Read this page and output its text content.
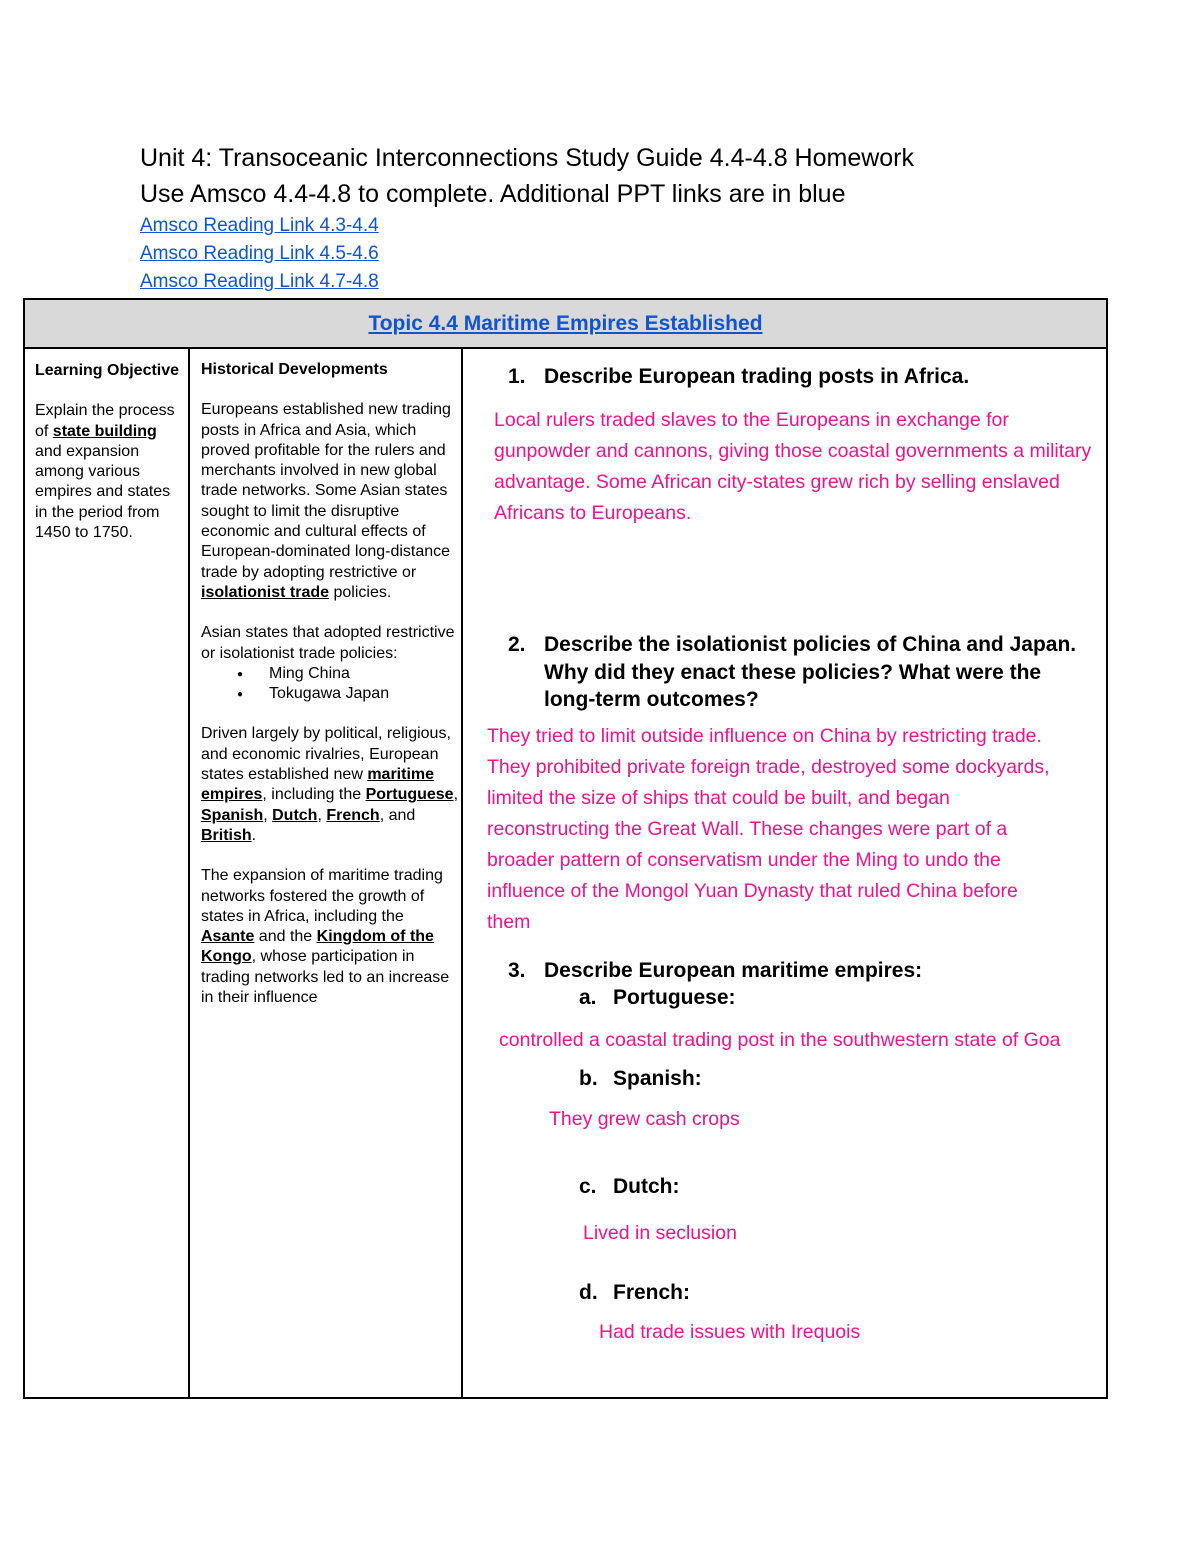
Unit 4: Transoceanic Interconnections Study Guide 4.4-4.8 Homework
Use Amsco 4.4-4.8 to complete. Additional PPT links are in blue
Amsco Reading Link 4.3-4.4
Amsco Reading Link 4.5-4.6
Amsco Reading Link 4.7-4.8
Topic 4.4 Maritime Empires Established
Learning Objective
Explain the process of state building and expansion among various empires and states in the period from 1450 to 1750.
Historical Developments
Europeans established new trading posts in Africa and Asia, which proved profitable for the rulers and merchants involved in new global trade networks. Some Asian states sought to limit the disruptive economic and cultural effects of European-dominated long-distance trade by adopting restrictive or isolationist trade policies.
Asian states that adopted restrictive or isolationist trade policies:
● Ming China
● Tokugawa Japan
Driven largely by political, religious, and economic rivalries, European states established new maritime empires, including the Portuguese, Spanish, Dutch, French, and British.
The expansion of maritime trading networks fostered the growth of states in Africa, including the Asante and the Kingdom of the Kongo, whose participation in trading networks led to an increase in their influence
1. Describe European trading posts in Africa.
Local rulers traded slaves to the Europeans in exchange for gunpowder and cannons, giving those coastal governments a military advantage. Some African city-states grew rich by selling enslaved Africans to Europeans.
2. Describe the isolationist policies of China and Japan. Why did they enact these policies? What were the long-term outcomes?
They tried to limit outside influence on China by restricting trade. They prohibited private foreign trade, destroyed some dockyards, limited the size of ships that could be built, and began reconstructing the Great Wall. These changes were part of a broader pattern of conservatism under the Ming to undo the influence of the Mongol Yuan Dynasty that ruled China before them
3. Describe European maritime empires:
a. Portuguese:
controlled a coastal trading post in the southwestern state of Goa
b. Spanish:
They grew cash crops
c. Dutch:
Lived in seclusion
d. French:
Had trade issues with Irequois
